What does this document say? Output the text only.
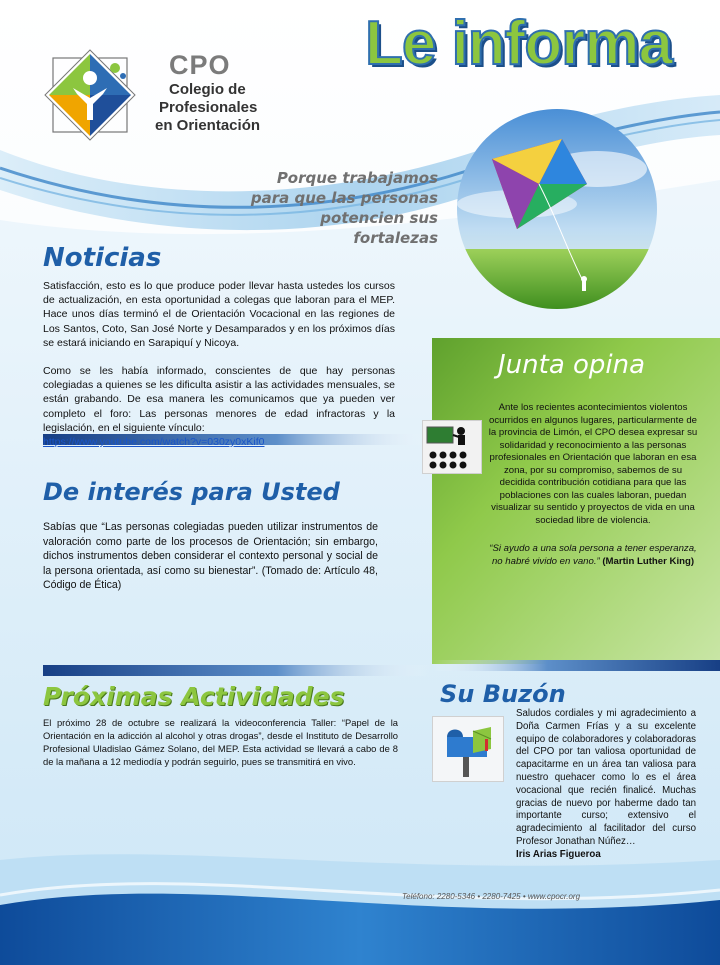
CPO
Colegio de
Profesionales
en Orientación
Le informa
Porque trabajamos
para que las personas
potencien sus fortalezas
Noticias
Satisfacción, esto es lo que produce poder llevar hasta ustedes los cursos de actualización, en esta oportunidad a colegas que laboran para el MEP. Hace unos días terminó el de Orientación Vocacional en las regiones de Los Santos, Coto, San José Norte y Desamparados y en los próximos días se estará iniciando en Sarapiquí y Nicoya.
Como se les había informado, conscientes de que hay personas colegiadas a quienes se les dificulta asistir a las actividades mensuales, se están grabando. De esa manera les comunicamos que ya pueden ver completo el foro: Las personas menores de edad infractoras y la legislación, en el siguiente vínculo:
https://www.youtube.com/watch?v=030zy0xKif0
De interés para Usted
Sabías que “Las personas colegiadas pueden utilizar instrumentos de valoración como parte de los procesos de Orientación; sin embargo, dichos instrumentos deben considerar el contexto personal y social de la persona orientada, así como su bienestar”. (Tomado de: Artículo 48, Código de Ética)
Junta opina
Ante los recientes acontecimientos violentos ocurridos en algunos lugares, particularmente de la provincia de Limón, el CPO desea expresar su solidaridad y reconocimiento a las personas profesionales en Orientación que laboran en esa zona, por su compromiso, sabemos de su decidida contribución cotidiana para que las poblaciones con las cuales laboran, puedan visualizar su sentido y proyectos de vida en una sociedad libre de violencia.
“Si ayudo a una sola persona a tener esperanza, no habré vivido en vano.” (Martin Luther King)
Próximas Actividades
El próximo 28 de octubre se realizará la videoconferencia Taller: “Papel de la Orientación en la adicción al alcohol y otras drogas”, desde el Instituto de Desarrollo Profesional Uladislao Gámez Solano, del MEP. Esta actividad se llevará a cabo de 8 de la mañana a 12 mediodía y podrán seguirlo, pues se transmitirá en vivo.
Su Buzón
Saludos cordiales y mi agradecimiento a Doña Carmen Frías y a su excelente equipo de colaboradores y colaboradoras del CPO por tan valiosa oportunidad de capacitarme en un área tan valiosa para nuestro quehacer como lo es el área vocacional que recién finalicé. Muchas gracias de nuevo por haberme dado tan importante curso; extensivo el agradecimiento al facilitador del curso Profesor Jonathan Núñez…
Iris Arias Figueroa
Teléfono: 2280-5346 • 2280-7425 • www.cpocr.org
